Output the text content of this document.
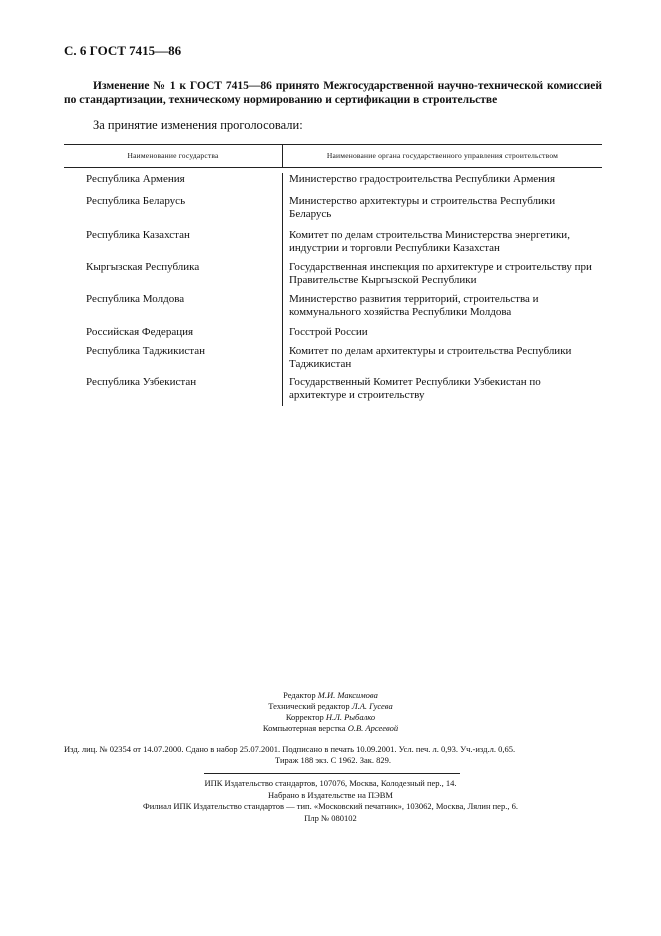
С. 6 ГОСТ 7415—86
Изменение № 1 к ГОСТ 7415—86 принято Межгосударственной научно-технической комиссией по стандартизации, техническому нормированию и сертификации в строительстве
За принятие изменения проголосовали:
Наименование государства	Наименование органа государственного управления строительством
Республика Армения	Министерство градостроительства Республики Армения
Республика Беларусь	Министерство архитектуры и строительства Республики Беларусь
Республика Казахстан	Комитет по делам строительства Министерства энергетики, индустрии и торговли Республики Казахстан
Кыргызская Республика	Государственная инспекция по архитектуре и строительству при Правительстве Кыргызской Республики
Республика Молдова	Министерство развития территорий, строительства и коммунального хозяйства Республики Молдова
Российская Федерация	Госстрой России
Республика Таджикистан	Комитет по делам архитектуры и строительства Республики Таджикистан
Республика Узбекистан	Государственный Комитет Республики Узбекистан по архитектуре и строительству
Редактор М.И. Максимова
Технический редактор Л.А. Гусева
Корректор Н.Л. Рыбалко
Компьютерная верстка О.В. Арсеевой
Изд. лиц. № 02354 от 14.07.2000. Сдано в набор 25.07.2001. Подписано в печать 10.09.2001. Усл. печ. л. 0,93. Уч.-изд.л. 0,65.
Тираж 188 экз. С 1962. Зак. 829.
ИПК Издательство стандартов, 107076, Москва, Колодезный пер., 14.
Набрано в Издательстве на ПЭВМ
Филиал ИПК Издательство стандартов — тип. «Московский печатник», 103062, Москва, Лялин пер., 6.
Плр № 080102
